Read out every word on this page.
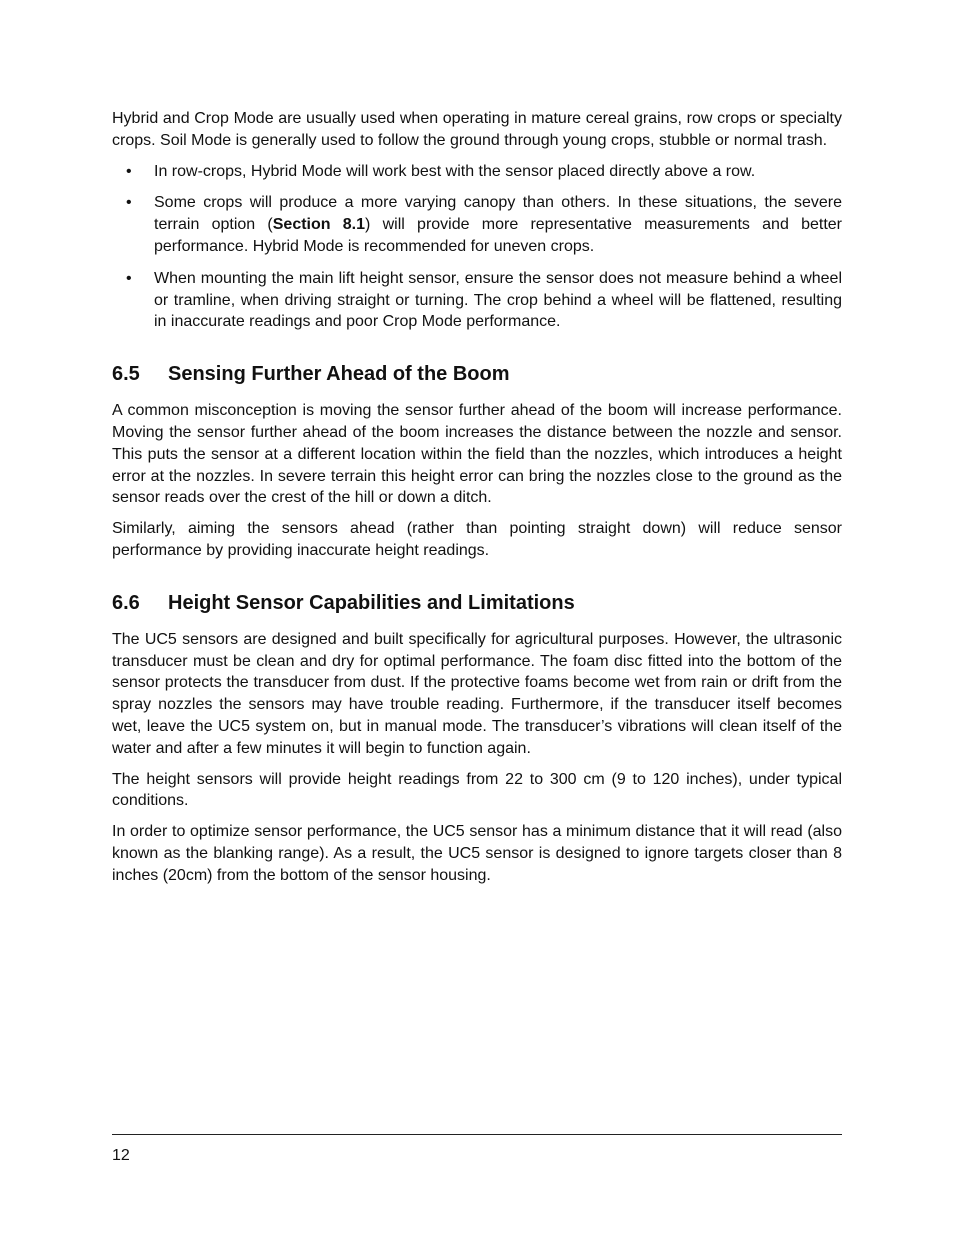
Hybrid and Crop Mode are usually used when operating in mature cereal grains, row crops or specialty crops. Soil Mode is generally used to follow the ground through young crops, stubble or normal trash.

• In row-crops, Hybrid Mode will work best with the sensor placed directly above a row.
• Some crops will produce a more varying canopy than others. In these situations, the severe terrain option (Section 8.1) will provide more representative measurements and better performance. Hybrid Mode is recommended for uneven crops.
• When mounting the main lift height sensor, ensure the sensor does not measure behind a wheel or tramline, when driving straight or turning. The crop behind a wheel will be flattened, resulting in inaccurate readings and poor Crop Mode performance.
6.5 Sensing Further Ahead of the Boom

A common misconception is moving the sensor further ahead of the boom will increase performance. Moving the sensor further ahead of the boom increases the distance between the nozzle and sensor. This puts the sensor at a different location within the field than the nozzles, which introduces a height error at the nozzles. In severe terrain this height error can bring the nozzles close to the ground as the sensor reads over the crest of the hill or down a ditch.

Similarly, aiming the sensors ahead (rather than pointing straight down) will reduce sensor performance by providing inaccurate height readings.

6.6 Height Sensor Capabilities and Limitations

The UC5 sensors are designed and built specifically for agricultural purposes. However, the ultrasonic transducer must be clean and dry for optimal performance. The foam disc fitted into the bottom of the sensor protects the transducer from dust. If the protective foams become wet from rain or drift from the spray nozzles the sensors may have trouble reading. Furthermore, if the transducer itself becomes wet, leave the UC5 system on, but in manual mode. The transducer’s vibrations will clean itself of the water and after a few minutes it will begin to function again.

The height sensors will provide height readings from 22 to 300 cm (9 to 120 inches), under typical conditions.

In order to optimize sensor performance, the UC5 sensor has a minimum distance that it will read (also known as the blanking range). As a result, the UC5 sensor is designed to ignore targets closer than 8 inches (20cm) from the bottom of the sensor housing.

12
